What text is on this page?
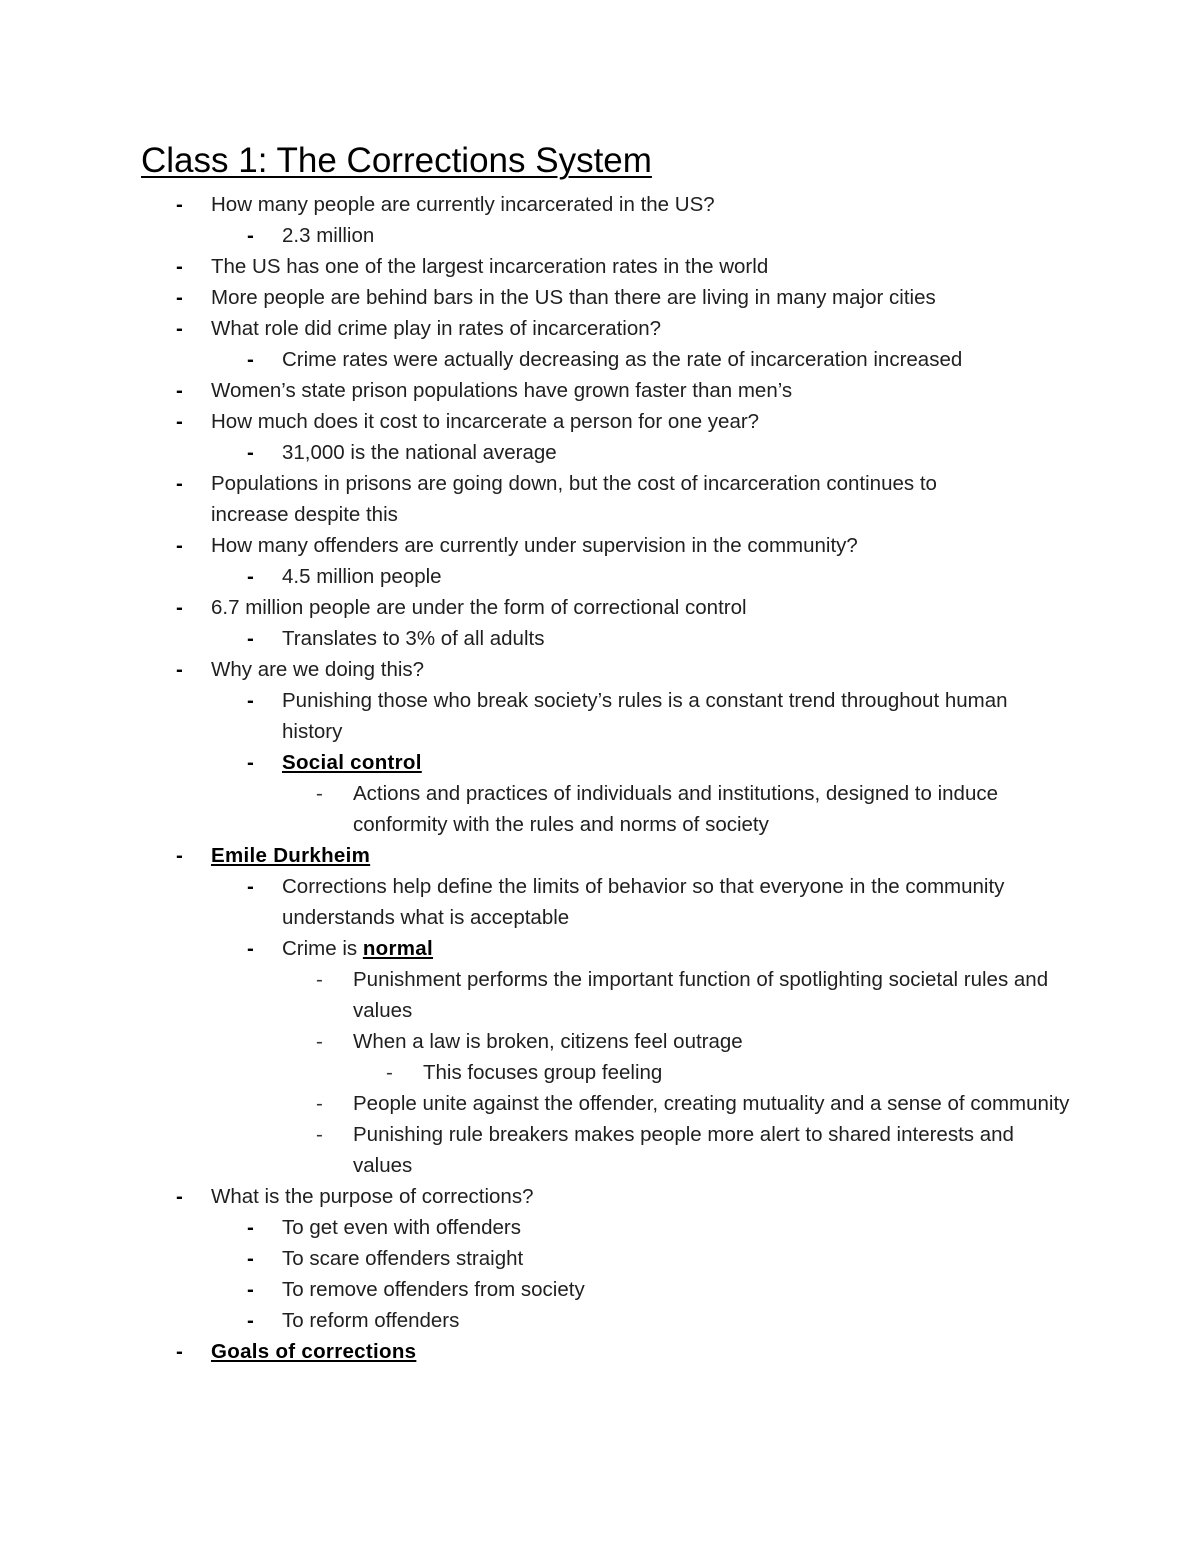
Class 1: The Corrections System
- How many people are currently incarcerated in the US?
- 2.3 million
- The US has one of the largest incarceration rates in the world
- More people are behind bars in the US than there are living in many major cities
- What role did crime play in rates of incarceration?
- Crime rates were actually decreasing as the rate of incarceration increased
- Women’s state prison populations have grown faster than men’s
- How much does it cost to incarcerate a person for one year?
- 31,000 is the national average
- Populations in prisons are going down, but the cost of incarceration continues to increase despite this
- How many offenders are currently under supervision in the community?
- 4.5 million people
- 6.7 million people are under the form of correctional control
- Translates to 3% of all adults
- Why are we doing this?
- Punishing those who break society’s rules is a constant trend throughout human history
- Social control
- Actions and practices of individuals and institutions, designed to induce conformity with the rules and norms of society
- Emile Durkheim
- Corrections help define the limits of behavior so that everyone in the community understands what is acceptable
- Crime is normal
- Punishment performs the important function of spotlighting societal rules and values
- When a law is broken, citizens feel outrage
- This focuses group feeling
- People unite against the offender, creating mutuality and a sense of community
- Punishing rule breakers makes people more alert to shared interests and values
- What is the purpose of corrections?
- To get even with offenders
- To scare offenders straight
- To remove offenders from society
- To reform offenders
- Goals of corrections
